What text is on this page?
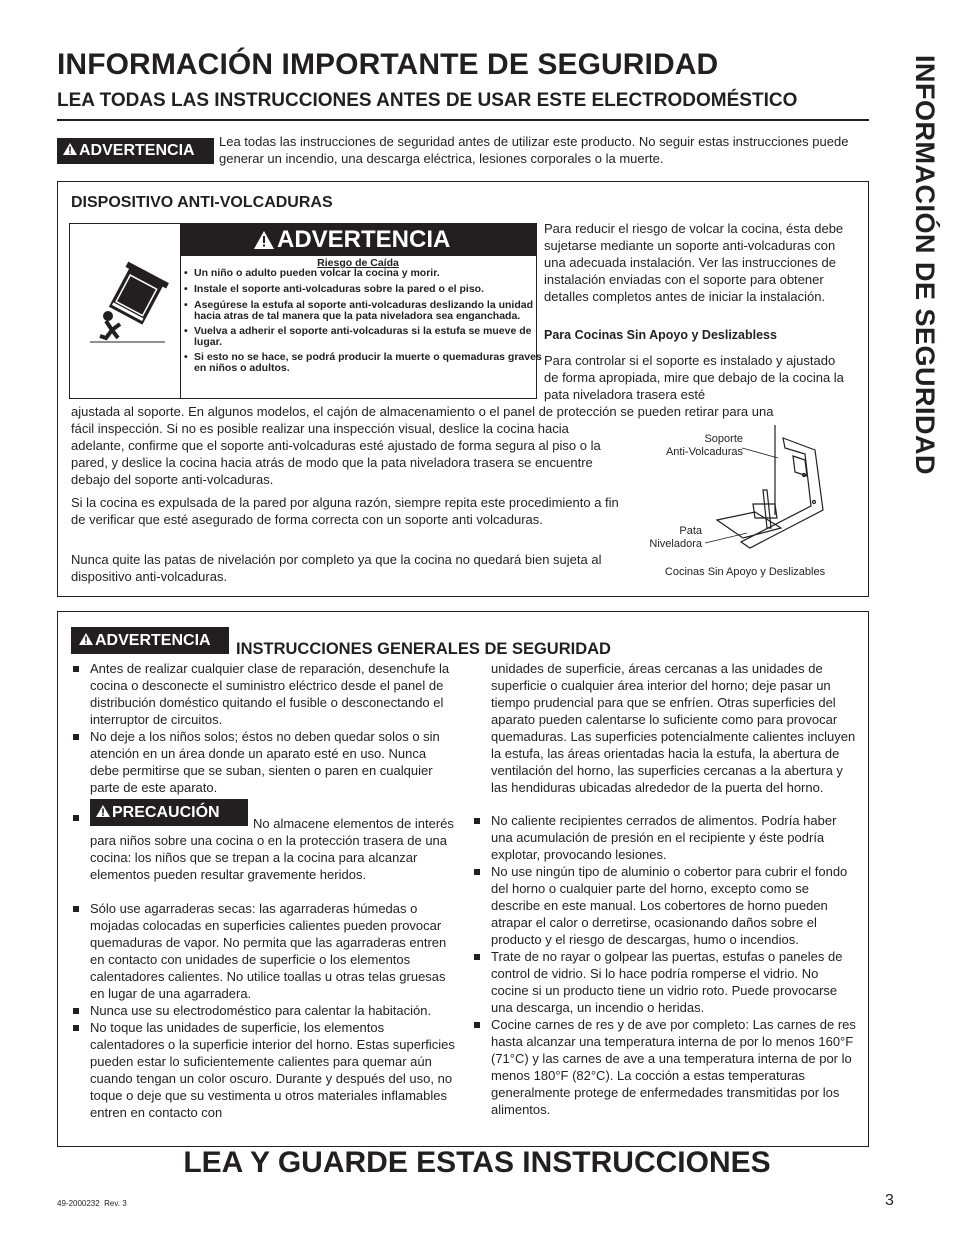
INFORMACIÓN IMPORTANTE DE SEGURIDAD
LEA TODAS LAS INSTRUCCIONES ANTES DE USAR ESTE ELECTRODOMÉSTICO	INFORMACIÓN DE SEGURIDAD
ADVERTENCIA
Lea todas las instrucciones de seguridad antes de utilizar este producto. No seguir estas instrucciones puede generar un incendio, una descarga eléctrica, lesiones corporales o la muerte.
DISPOSITIVO ANTI-VOLCADURAS
ADVERTENCIA
Riesgo de Caída
• Un niño o adulto pueden volcar la cocina y morir.
• Instale el soporte anti-volcaduras sobre la pared o el piso.
• Asegúrese la estufa al soporte anti-volcaduras deslizando la unidad hacia atras de tal manera que la pata niveladora sea enganchada.
• Vuelva a adherir el soporte anti-volcaduras si la estufa se mueve de lugar.
• Si esto no se hace, se podrá producir la muerte o quemaduras graves en niños o adultos.
Para reducir el riesgo de volcar la cocina, ésta debe sujetarse mediante un soporte anti-volcaduras con una adecuada instalación. Ver las instrucciones de instalación enviadas con el soporte para obtener detalles completos antes de iniciar la instalación.
Para Cocinas Sin Apoyo y Deslizabless
Para controlar si el soporte es instalado y ajustado de forma apropiada, mire que debajo de la cocina la pata niveladora trasera esté
ajustada al soporte. En algunos modelos, el cajón de almacenamiento o el panel de protección se pueden retirar para una
fácil inspección. Si no es posible realizar una inspección visual, deslice la cocina hacia adelante, confirme que el soporte anti-volcaduras esté ajustado de forma segura al piso o la pared, y deslice la cocina hacia atrás de modo que la pata niveladora trasera se encuentre debajo del soporte anti-volcaduras.
Si la cocina es expulsada de la pared por alguna razón, siempre repita este procedimiento a fin de verificar que esté asegurado de forma correcta con un soporte anti volcaduras.
Nunca quite las patas de nivelación por completo ya que la cocina no quedará bien sujeta al dispositivo anti-volcaduras.
Soporte
Anti-Volcaduras
Pata
Niveladora
Cocinas Sin Apoyo y Deslizables
ADVERTENCIA INSTRUCCIONES GENERALES DE SEGURIDAD
Antes de realizar cualquier clase de reparación, desenchufe la cocina o desconecte el suministro eléctrico desde el panel de distribución doméstico quitando el fusible o desconectando el interruptor de circuitos.
No deje a los niños solos; éstos no deben quedar solos o sin atención en un área donde un aparato esté en uso. Nunca debe permitirse que se suban, sienten o paren en cualquier parte de este aparato.
PRECAUCIÓN
No almacene elementos de interés para niños sobre una cocina o en la protección trasera de una cocina: los niños que se trepan a la cocina para alcanzar elementos pueden resultar gravemente heridos.
Sólo use agarraderas secas: las agarraderas húmedas o mojadas colocadas en superficies calientes pueden provocar quemaduras de vapor. No permita que las agarraderas entren en contacto con unidades de superficie o los elementos calentadores calientes. No utilice toallas u otras telas gruesas en lugar de una agarradera.
Nunca use su electrodoméstico para calentar la habitación.
No toque las unidades de superficie, los elementos calentadores o la superficie interior del horno. Estas superficies pueden estar lo suficientemente calientes para quemar aún cuando tengan un color oscuro. Durante y después del uso, no toque o deje que su vestimenta u otros materiales inflamables entren en contacto con
unidades de superficie, áreas cercanas a las unidades de superficie o cualquier área interior del horno; deje pasar un tiempo prudencial para que se enfríen. Otras superficies del aparato pueden calentarse lo suficiente como para provocar quemaduras. Las superficies potencialmente calientes incluyen la estufa, las áreas orientadas hacia la estufa, la abertura de ventilación del horno, las superficies cercanas a la abertura y las hendiduras ubicadas alrededor de la puerta del horno.
No caliente recipientes cerrados de alimentos. Podría haber una acumulación de presión en el recipiente y éste podría explotar, provocando lesiones.
No use ningún tipo de aluminio o cobertor para cubrir el fondo del horno o cualquier parte del horno, excepto como se describe en este manual. Los cobertores de horno pueden atrapar el calor o derretirse, ocasionando daños sobre el producto y el riesgo de descargas, humo o incendios.
Trate de no rayar o golpear las puertas, estufas o paneles de control de vidrio. Si lo hace podría romperse el vidrio. No cocine si un producto tiene un vidrio roto. Puede provocarse una descarga, un incendio o heridas.
Cocine carnes de res y de ave por completo: Las carnes de res hasta alcanzar una temperatura interna de por lo menos 160°F (71°C) y las carnes de ave a una temperatura interna de por lo menos 180°F (82°C). La cocción a estas temperaturas generalmente protege de enfermedades transmitidas por los alimentos.
LEA Y GUARDE ESTAS INSTRUCCIONES
49-2000232  Rev. 3	3
